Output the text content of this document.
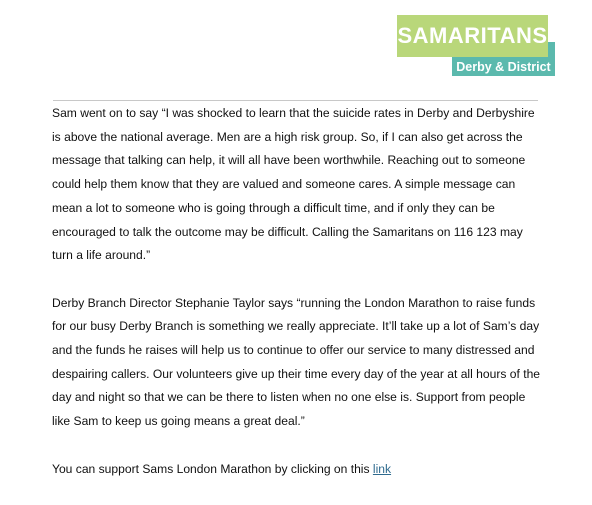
SAMARITANS
Derby & District

Sam went on to say “I was shocked to learn that the suicide rates in Derby and Derbyshire is above the national average. Men are a high risk group. So, if I can also get across the message that talking can help, it will all have been worthwhile. Reaching out to someone could help them know that they are valued and someone cares. A simple message can mean a lot to someone who is going through a difficult time, and if only they can be encouraged to talk the outcome may be difficult. Calling the Samaritans on 116 123 may turn a life around.”

Derby Branch Director Stephanie Taylor says “running the London Marathon to raise funds for our busy Derby Branch is something we really appreciate. It’ll take up a lot of Sam’s day and the funds he raises will help us to continue to offer our service to many distressed and despairing callers. Our volunteers give up their time every day of the year at all hours of the day and night so that we can be there to listen when no one else is. Support from people like Sam to keep us going means a great deal.”

You can support Sams London Marathon by clicking on this link
